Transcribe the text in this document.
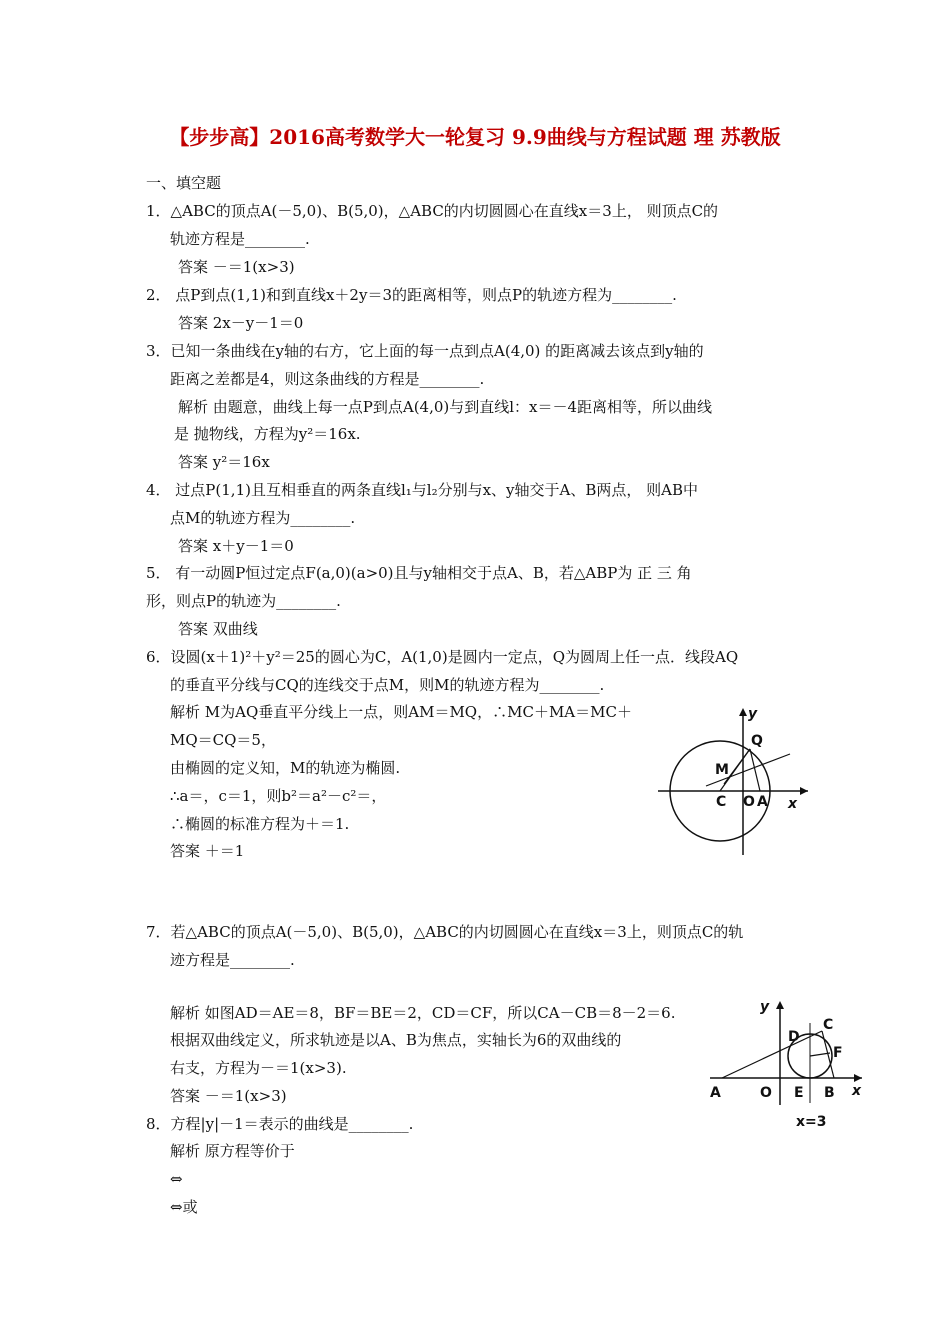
【步步高】2016高考数学大一轮复习 9.9曲线与方程试题 理 苏教版
一、填空题
1．△ABC的顶点A(－5,0)、B(5,0)，△ABC的内切圆圆心在直线x＝3上， 则顶点C的
轨迹方程是________.
答案 －＝1(x>3)
2． 点P到点(1,1)和到直线x＋2y＝3的距离相等，则点P的轨迹方程为________.
答案 2x－y－1＝0
3．已知一条曲线在y轴的右方，它上面的每一点到点A(4,0) 的距离减去该点到y轴的
距离之差都是4，则这条曲线的方程是________.
解析 由题意，曲线上每一点P到点A(4,0)与到直线l：x＝－4距离相等，所以曲线
是 抛物线，方程为y²＝16x.
答案 y²＝16x
4． 过点P(1,1)且互相垂直的两条直线l₁与l₂分别与x、y轴交于A、B两点， 则AB中
点M的轨迹方程为________.
答案 x＋y－1＝0
5． 有一动圆P恒过定点F(a,0)(a>0)且与y轴相交于点A、B，若△ABP为 正 三 角
形，则点P的轨迹为________.
答案 双曲线
6．设圆(x＋1)²＋y²＝25的圆心为C，A(1,0)是圆内一定点，Q为圆周上任一点．线段AQ
的垂直平分线与CQ的连线交于点M，则M的轨迹方程为________.
解析 M为AQ垂直平分线上一点，则AM＝MQ，∴MC＋MA＝MC＋
MQ＝CQ＝5，
由椭圆的定义知，M的轨迹为椭圆.
∴a＝，c＝1，则b²＝a²－c²＝，
∴椭圆的标准方程为＋＝1.
答案 ＋＝1
y
Q
M
C O A x
7．若△ABC的顶点A(－5,0)、B(5,0)，△ABC的内切圆圆心在直线x＝3上，则顶点C的轨
迹方程是________.
解析 如图AD＝AE＝8，BF＝BE＝2，CD＝CF，所以CA－CB＝8－2＝6.
根据双曲线定义，所求轨迹是以A、B为焦点，实轴长为6的双曲线的
右支，方程为－＝1(x>3).
答案 －＝1(x>3)
y
D
C
F
A	O E B x
x=3
8．方程|y|－1＝表示的曲线是________.
解析 原方程等价于
⇔
⇔或
